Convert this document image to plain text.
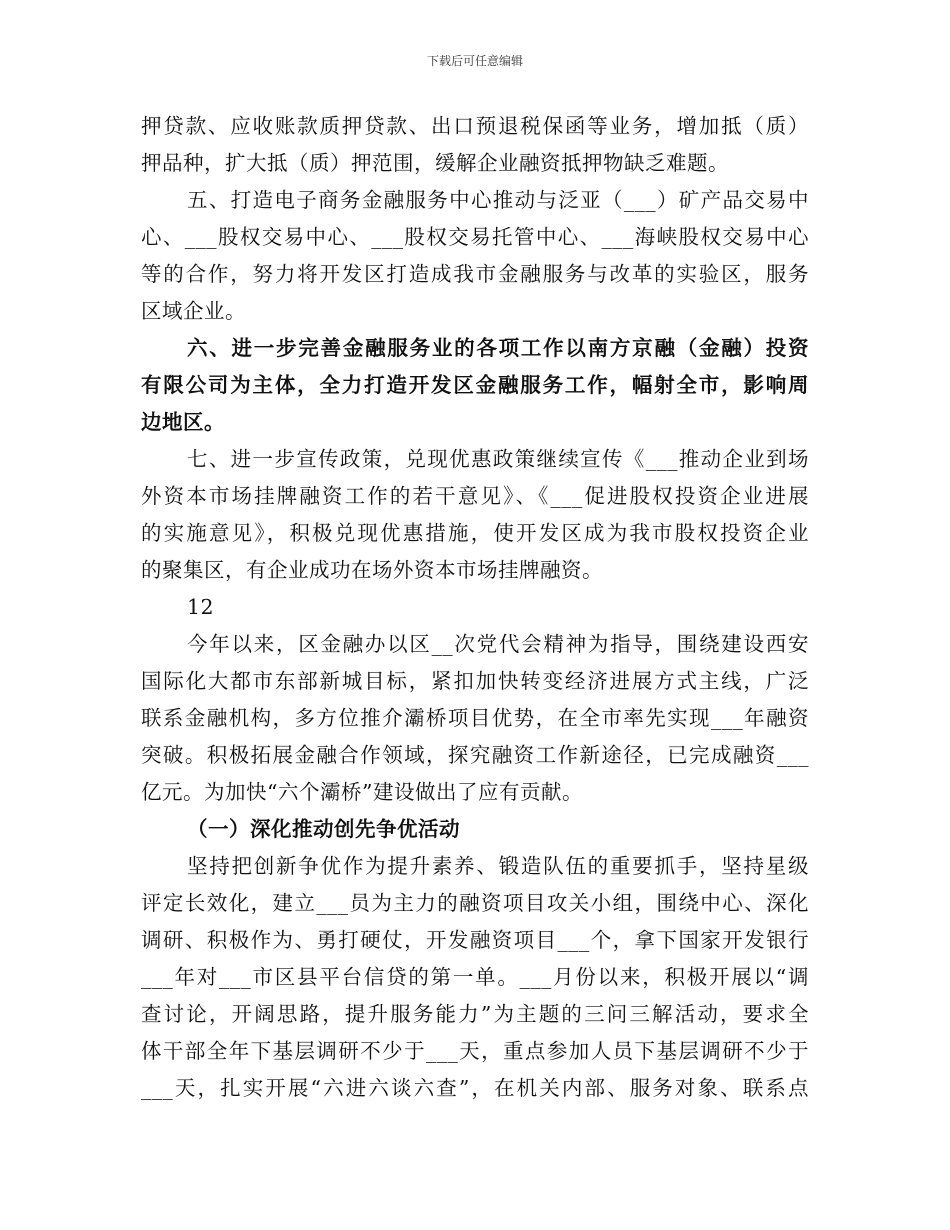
下载后可任意编辑
押贷款、应收账款质押贷款、出口预退税保函等业务，增加抵（质）
押品种，扩大抵（质）押范围，缓解企业融资抵押物缺乏难题。
五、打造电子商务金融服务中心推动与泛亚（___）矿产品交易中
心、___股权交易中心、___股权交易托管中心、___海峡股权交易中心
等的合作，努力将开发区打造成我市金融服务与改革的实验区，服务
区域企业。
六、进一步完善金融服务业的各项工作以南方京融（金融）投资
有限公司为主体，全力打造开发区金融服务工作，幅射全市，影响周
边地区。
七、进一步宣传政策，兑现优惠政策继续宣传《___推动企业到场
外资本市场挂牌融资工作的若干意见》、《___促进股权投资企业进展
的实施意见》，积极兑现优惠措施，使开发区成为我市股权投资企业
的聚集区，有企业成功在场外资本市场挂牌融资。
12
今年以来，区金融办以区__次党代会精神为指导，围绕建设西安
国际化大都市东部新城目标，紧扣加快转变经济进展方式主线，广泛
联系金融机构，多方位推介灞桥项目优势，在全市率先实现___年融资
突破。积极拓展金融合作领域，探究融资工作新途径，已完成融资___
亿元。为加快“六个灞桥”建设做出了应有贡献。
（一）深化推动创先争优活动
坚持把创新争优作为提升素养、锻造队伍的重要抓手，坚持星级
评定长效化，建立___员为主力的融资项目攻关小组，围绕中心、深化
调研、积极作为、勇打硬仗，开发融资项目___个，拿下国家开发银行
___年对___市区县平台信贷的第一单。___月份以来，积极开展以“调
查讨论，开阔思路，提升服务能力”为主题的三问三解活动，要求全
体干部全年下基层调研不少于___天，重点参加人员下基层调研不少于
___天，扎实开展“六进六谈六查”，在机关内部、服务对象、联系点
